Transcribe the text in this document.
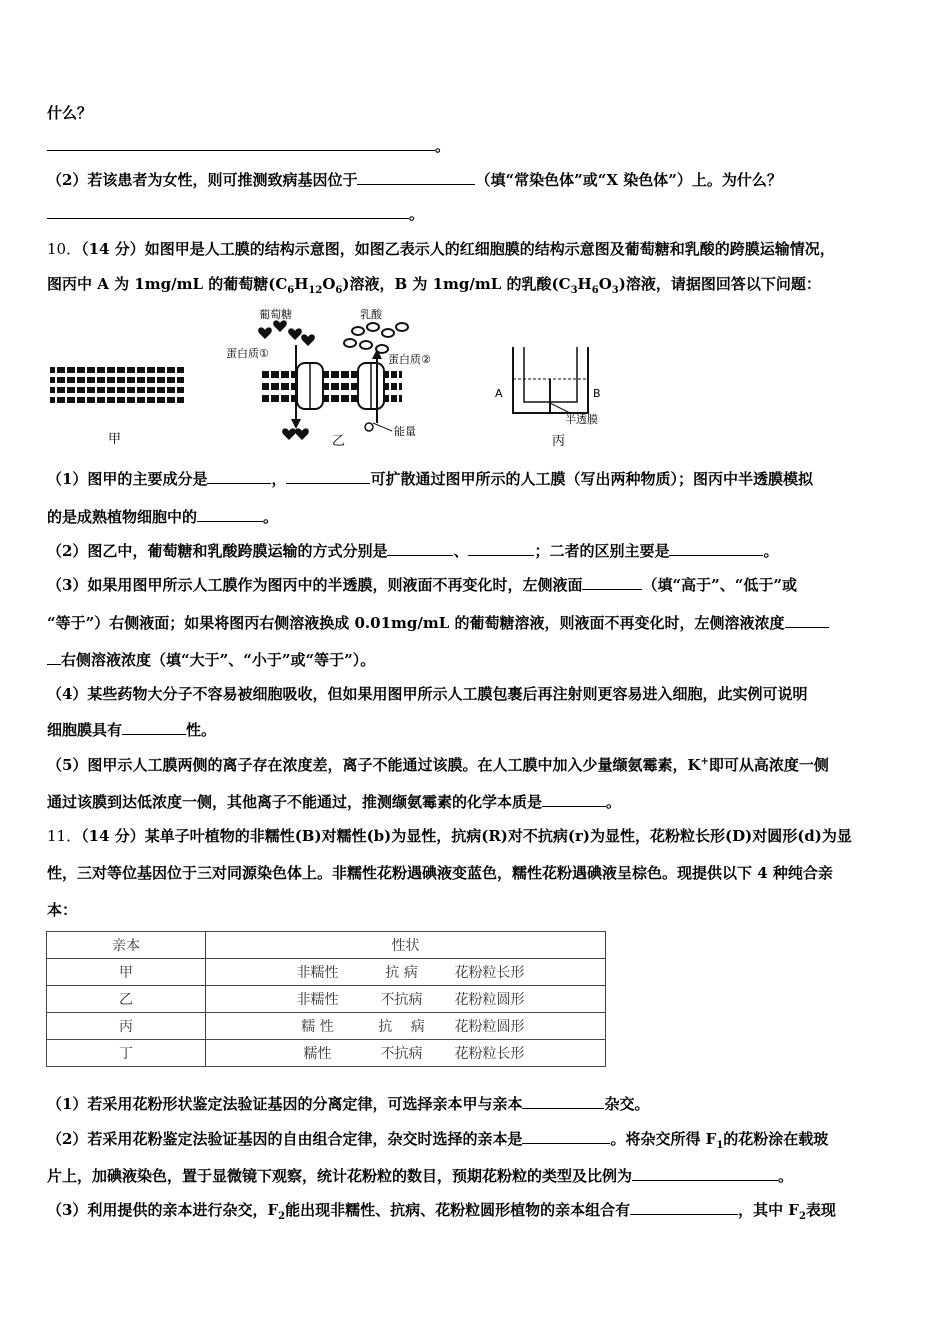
什么？
。
（2）若该患者为女性，则可推测致病基因位于	（填“常染色体”或“X 染色体”）上。为什么？
。
10．（14 分）如图甲是人工膜的结构示意图，如图乙表示人的红细胞膜的结构示意图及葡萄糖和乳酸的跨膜运输情况，
图丙中 A 为 1mg/mL 的葡萄糖$(C_6H_{12}O_6)$溶液，B 为 1mg/mL 的乳酸$(C_3H_6O_3)$溶液，请据图回答以下问题：
甲
葡萄糖	乳酸
蛋白质①	蛋白质②
能量
乙
A	B
半透膜
丙
（1）图甲的主要成分是	，	可扩散通过图甲所示的人工膜（写出两种物质）；图丙中半透膜模拟
的是成熟植物细胞中的	。
（2）图乙中，葡萄糖和乳酸跨膜运输的方式分别是	、	；二者的区别主要是	。
（3）如果用图甲所示人工膜作为图丙中的半透膜，则液面不再变化时，左侧液面	（填“高于”、“低于”或
“等于”）右侧液面；如果将图丙右侧溶液换成 0.01mg/mL 的葡萄糖溶液，则液面不再变化时，左侧溶液浓度
右侧溶液浓度（填“大于”、“小于”或“等于”）。
（4）某些药物大分子不容易被细胞吸收，但如果用图甲所示人工膜包裹后再注射则更容易进入细胞，此实例可说明
细胞膜具有	性。
（5）图甲示人工膜两侧的离子存在浓度差，离子不能通过该膜。在人工膜中加入少量缬氨霉素，K+即可从高浓度一侧
通过该膜到达低浓度一侧，其他离子不能通过，推测缬氨霉素的化学本质是	。
11．（14 分）某单子叶植物的非糯性(B)对糯性(b)为显性，抗病(R)对不抗病(r)为显性，花粉粒长形(D)对圆形(d)为显
性，三对等位基因位于三对同源染色体上。非糯性花粉遇碘液变蓝色，糯性花粉遇碘液呈棕色。现提供以下 4 种纯合亲
本：
亲本	性状
甲	非糯性 抗 病 花粉粒长形
乙	非糯性 不抗病 花粉粒圆形
丙	糯 性 抗　 病 花粉粒圆形
丁	糯性 不抗病 花粉粒长形
（1）若采用花粉形状鉴定法验证基因的分离定律，可选择亲本甲与亲本	杂交。
（2）若采用花粉鉴定法验证基因的自由组合定律，杂交时选择的亲本是	。将杂交所得 $F_1$的花粉涂在载玻
片上，加碘液染色，置于显微镜下观察，统计花粉粒的数目，预期花粉粒的类型及比例为	。
（3）利用提供的亲本进行杂交，$F_2$能出现非糯性、抗病、花粉粒圆形植物的亲本组合有	，其中 $F_2$表现
